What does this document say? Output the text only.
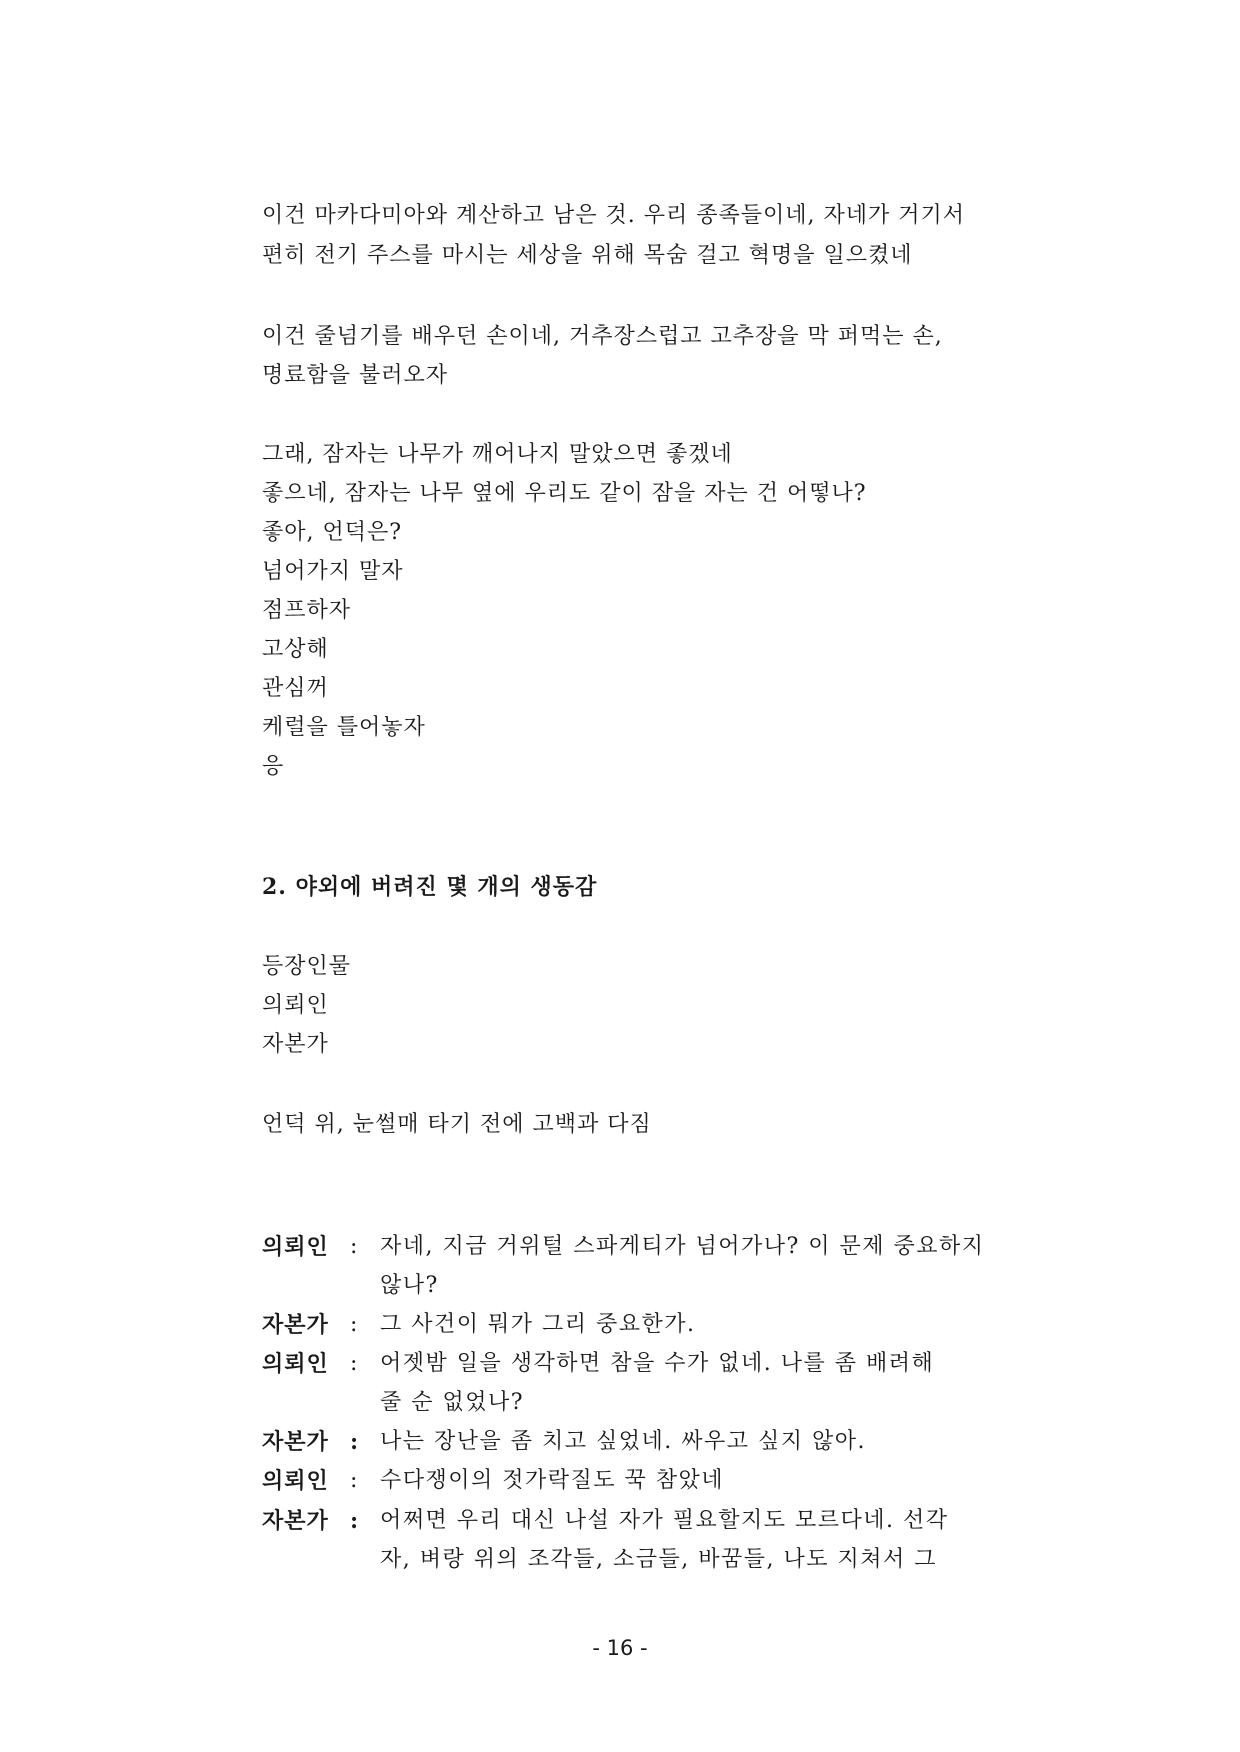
이건 마카다미아와 계산하고 남은 것. 우리 종족들이네, 자네가 거기서
편히 전기 주스를 마시는 세상을 위해 목숨 걸고 혁명을 일으켰네
이건 줄넘기를 배우던 손이네, 거추장스럽고 고추장을 막 퍼먹는 손,
명료함을 불러오자
그래, 잠자는 나무가 깨어나지 말았으면 좋겠네
좋으네, 잠자는 나무 옆에 우리도 같이 잠을 자는 건 어떻나?
좋아, 언덕은?
넘어가지 말자
점프하자
고상해
관심꺼
케럴을 틀어놓자
응
2. 야외에 버려진 몇 개의 생동감
등장인물
의뢰인
자본가
언덕 위, 눈썰매 타기 전에 고백과 다짐
의뢰인 : 자네, 지금 거위털 스파게티가 넘어가나? 이 문제 중요하지
않나?
자본가 : 그 사건이 뭐가 그리 중요한가.
의뢰인 : 어젯밤 일을 생각하면 참을 수가 없네. 나를 좀 배려해
줄 순 없었나?
자본가 : 나는 장난을 좀 치고 싶었네. 싸우고 싶지 않아.
의뢰인 : 수다쟁이의 젓가락질도 꾹 참았네
자본가 : 어쩌면 우리 대신 나설 자가 필요할지도 모르다네. 선각
자, 벼랑 위의 조각들, 소금들, 바꿈들, 나도 지쳐서 그
- 16 -
